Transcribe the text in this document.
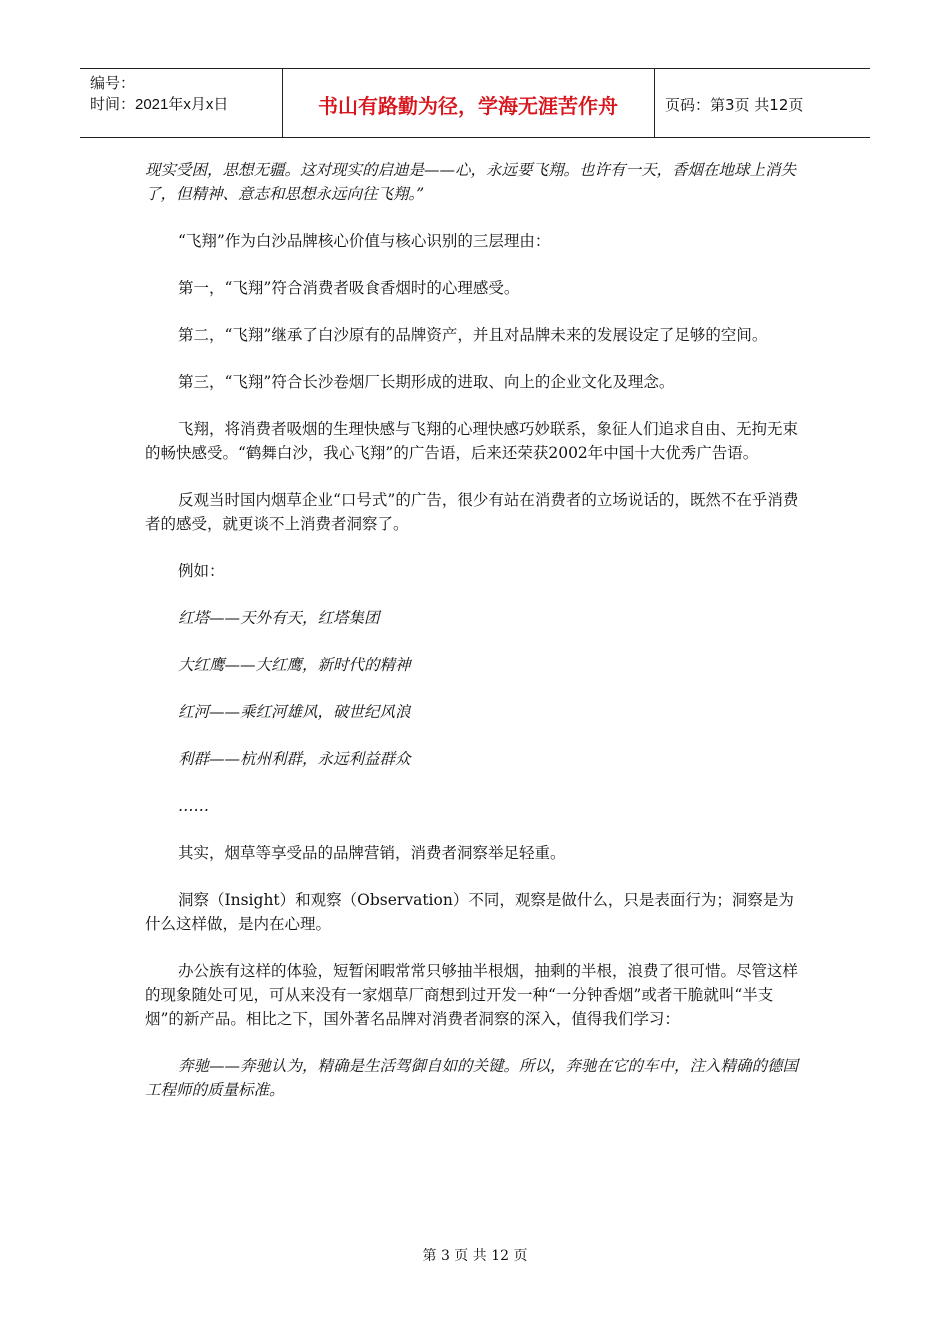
编号：
时间：2021年x月x日	书山有路勤为径，学海无涯苦作舟	页码：第3页 共12页

现实受困，思想无疆。这对现实的启迪是——心，永远要飞翔。也许有一天，香烟在地球上消失了，但精神、意志和思想永远向往飞翔。”

“飞翔”作为白沙品牌核心价值与核心识别的三层理由：

第一，“飞翔”符合消费者吸食香烟时的心理感受。

第二，“飞翔”继承了白沙原有的品牌资产，并且对品牌未来的发展设定了足够的空间。

第三，“飞翔”符合长沙卷烟厂长期形成的进取、向上的企业文化及理念。

飞翔，将消费者吸烟的生理快感与飞翔的心理快感巧妙联系，象征人们追求自由、无拘无束的畅快感受。“鹤舞白沙，我心飞翔”的广告语，后来还荣获2002年中国十大优秀广告语。

反观当时国内烟草企业“口号式”的广告，很少有站在消费者的立场说话的，既然不在乎消费者的感受，就更谈不上消费者洞察了。

例如：

红塔——天外有天，红塔集团

大红鹰——大红鹰，新时代的精神

红河——乘红河雄风，破世纪风浪

利群——杭州利群，永远利益群众

……

其实，烟草等享受品的品牌营销，消费者洞察举足轻重。

洞察（Insight）和观察（Observation）不同，观察是做什么，只是表面行为；洞察是为什么这样做，是内在心理。

办公族有这样的体验，短暂闲暇常常只够抽半根烟，抽剩的半根，浪费了很可惜。尽管这样的现象随处可见，可从来没有一家烟草厂商想到过开发一种“一分钟香烟”或者干脆就叫“半支烟”的新产品。相比之下，国外著名品牌对消费者洞察的深入，值得我们学习：

奔驰——奔驰认为，精确是生活驾御自如的关键。所以，奔驰在它的车中，注入精确的德国工程师的质量标准。

第 3 页 共 12 页
